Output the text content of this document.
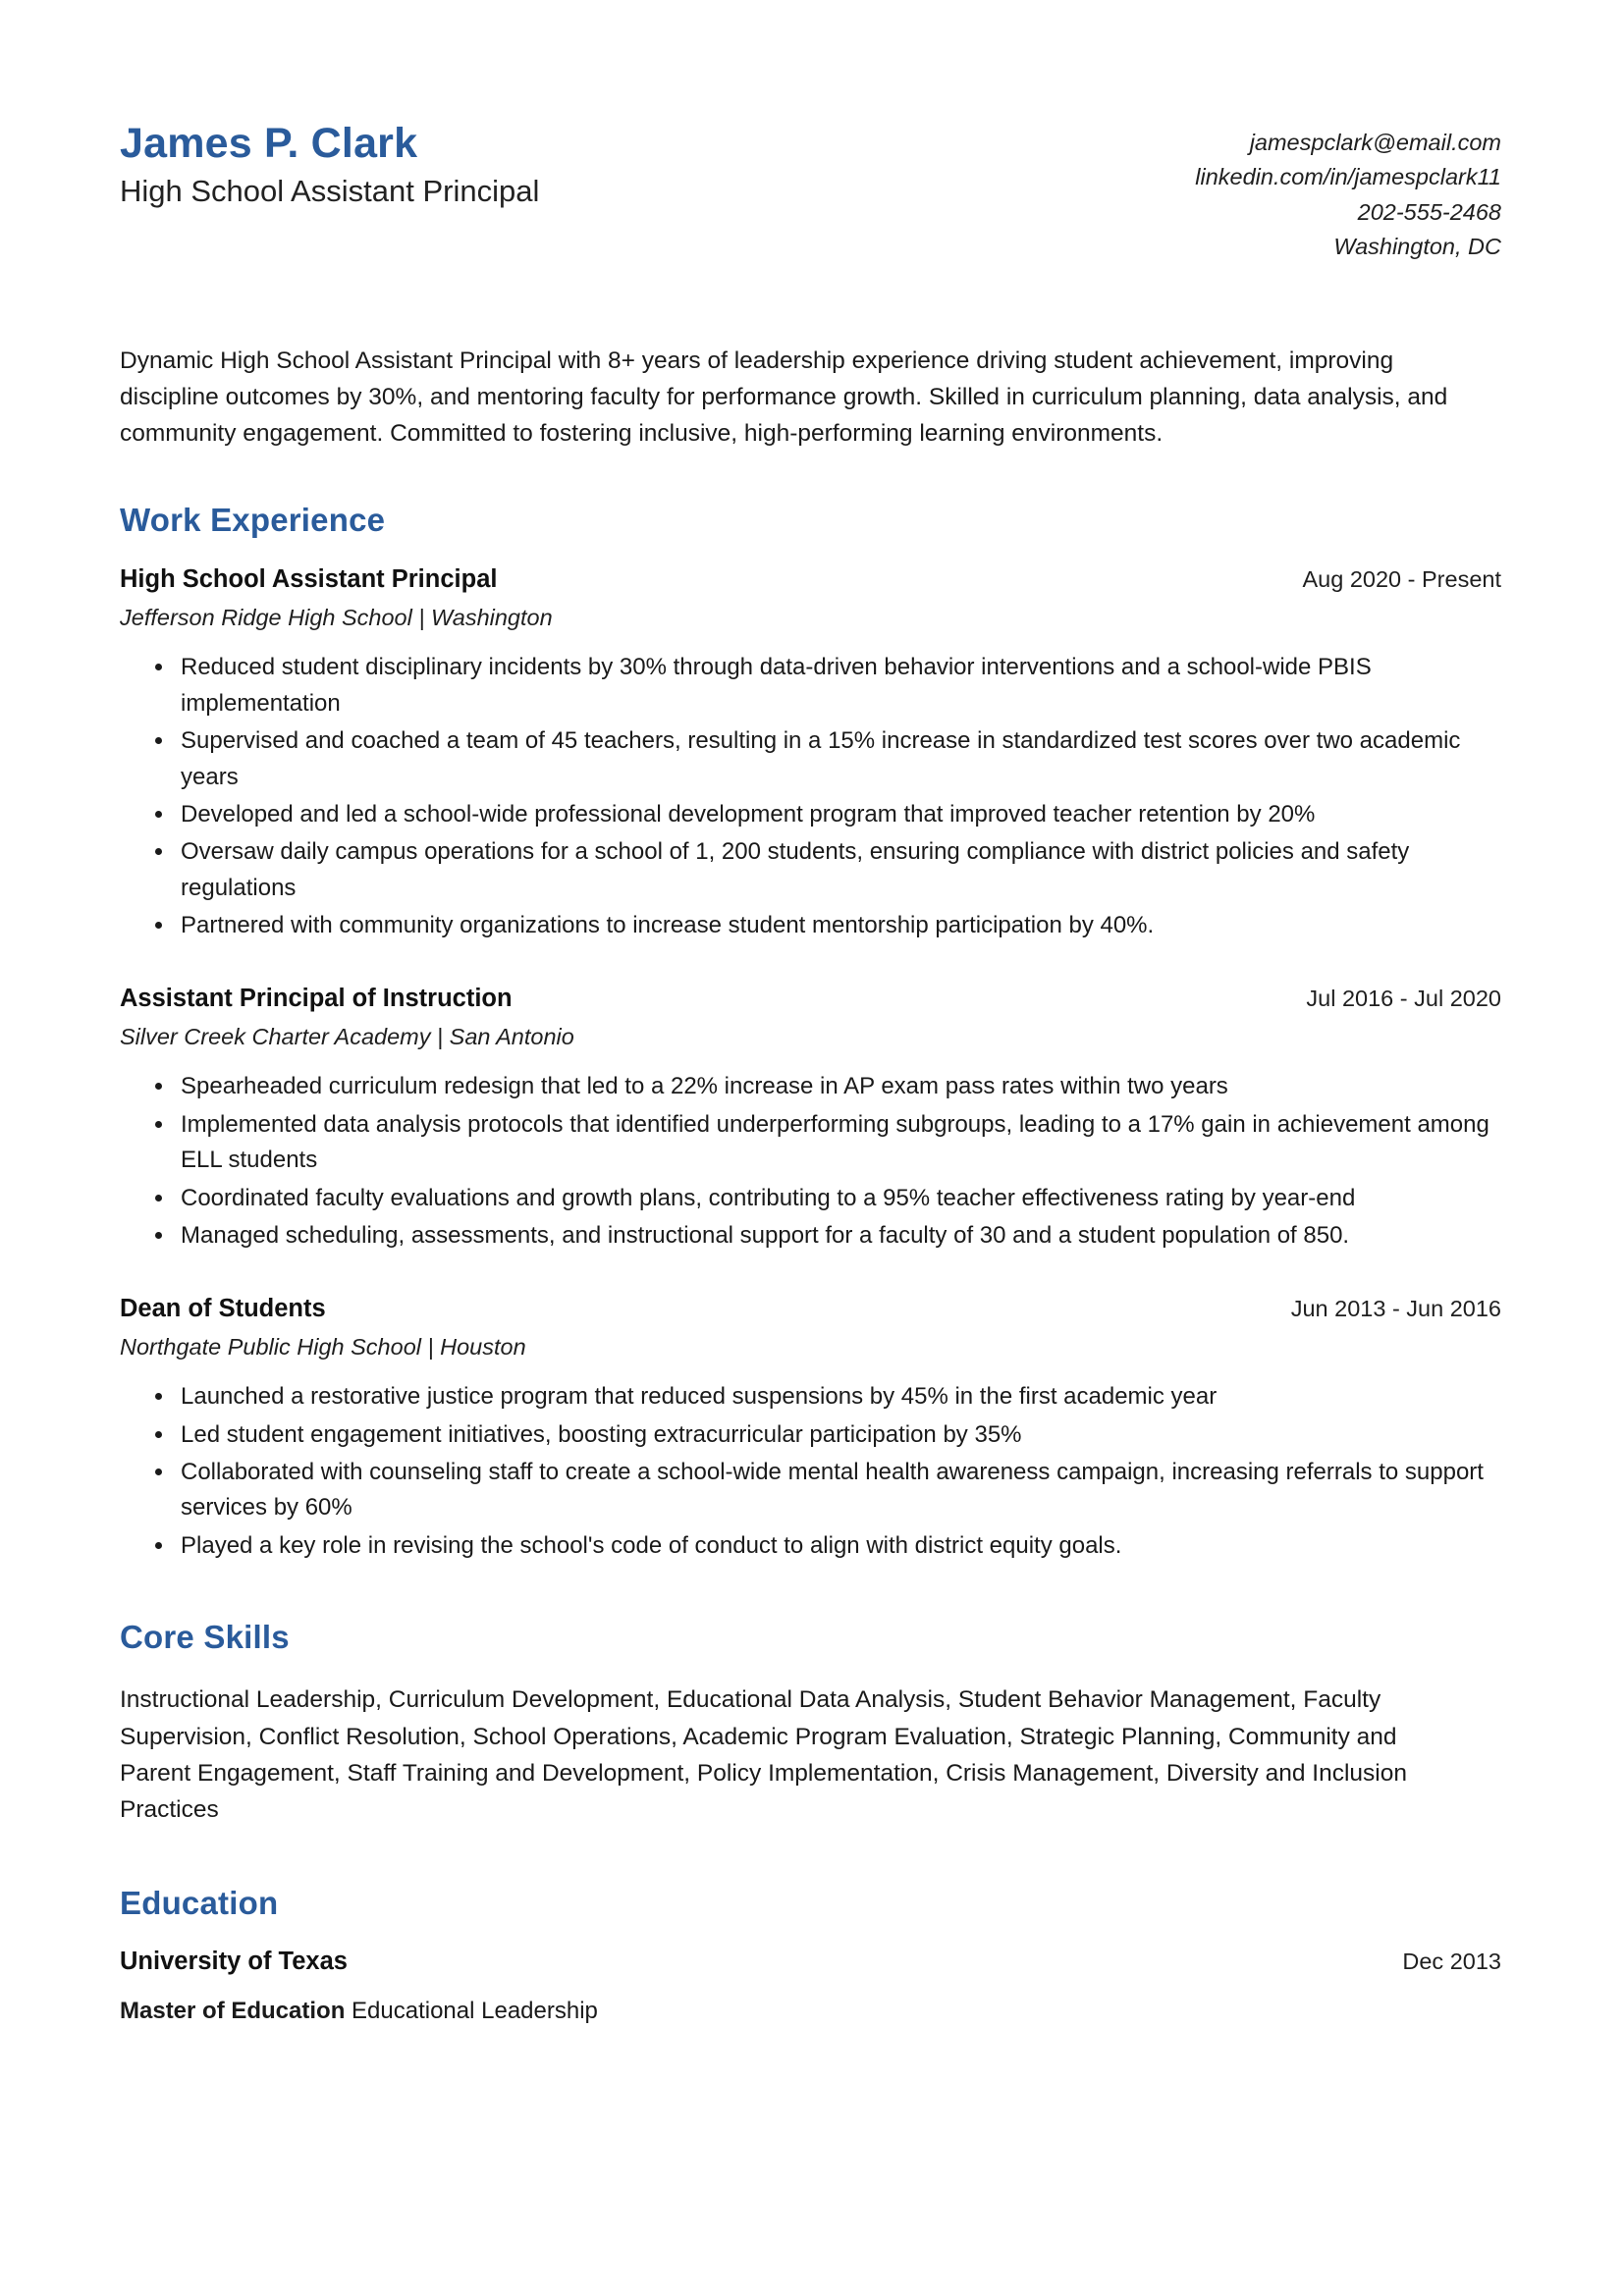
James P. Clark
High School Assistant Principal
jamespclark@email.com
linkedin.com/in/jamespclark11
202-555-2468
Washington, DC
Dynamic High School Assistant Principal with 8+ years of leadership experience driving student achievement, improving discipline outcomes by 30%, and mentoring faculty for performance growth. Skilled in curriculum planning, data analysis, and community engagement. Committed to fostering inclusive, high-performing learning environments.
Work Experience
High School Assistant Principal	Aug 2020 - Present
Jefferson Ridge High School | Washington
Reduced student disciplinary incidents by 30% through data-driven behavior interventions and a school-wide PBIS implementation
Supervised and coached a team of 45 teachers, resulting in a 15% increase in standardized test scores over two academic years
Developed and led a school-wide professional development program that improved teacher retention by 20%
Oversaw daily campus operations for a school of 1, 200 students, ensuring compliance with district policies and safety regulations
Partnered with community organizations to increase student mentorship participation by 40%.
Assistant Principal of Instruction	Jul 2016 - Jul 2020
Silver Creek Charter Academy | San Antonio
Spearheaded curriculum redesign that led to a 22% increase in AP exam pass rates within two years
Implemented data analysis protocols that identified underperforming subgroups, leading to a 17% gain in achievement among ELL students
Coordinated faculty evaluations and growth plans, contributing to a 95% teacher effectiveness rating by year-end
Managed scheduling, assessments, and instructional support for a faculty of 30 and a student population of 850.
Dean of Students	Jun 2013 - Jun 2016
Northgate Public High School | Houston
Launched a restorative justice program that reduced suspensions by 45% in the first academic year
Led student engagement initiatives, boosting extracurricular participation by 35%
Collaborated with counseling staff to create a school-wide mental health awareness campaign, increasing referrals to support services by 60%
Played a key role in revising the school's code of conduct to align with district equity goals.
Core Skills
Instructional Leadership, Curriculum Development, Educational Data Analysis, Student Behavior Management, Faculty Supervision, Conflict Resolution, School Operations, Academic Program Evaluation, Strategic Planning, Community and Parent Engagement, Staff Training and Development, Policy Implementation, Crisis Management, Diversity and Inclusion Practices
Education
University of Texas	Dec 2013
Master of Education Educational Leadership
